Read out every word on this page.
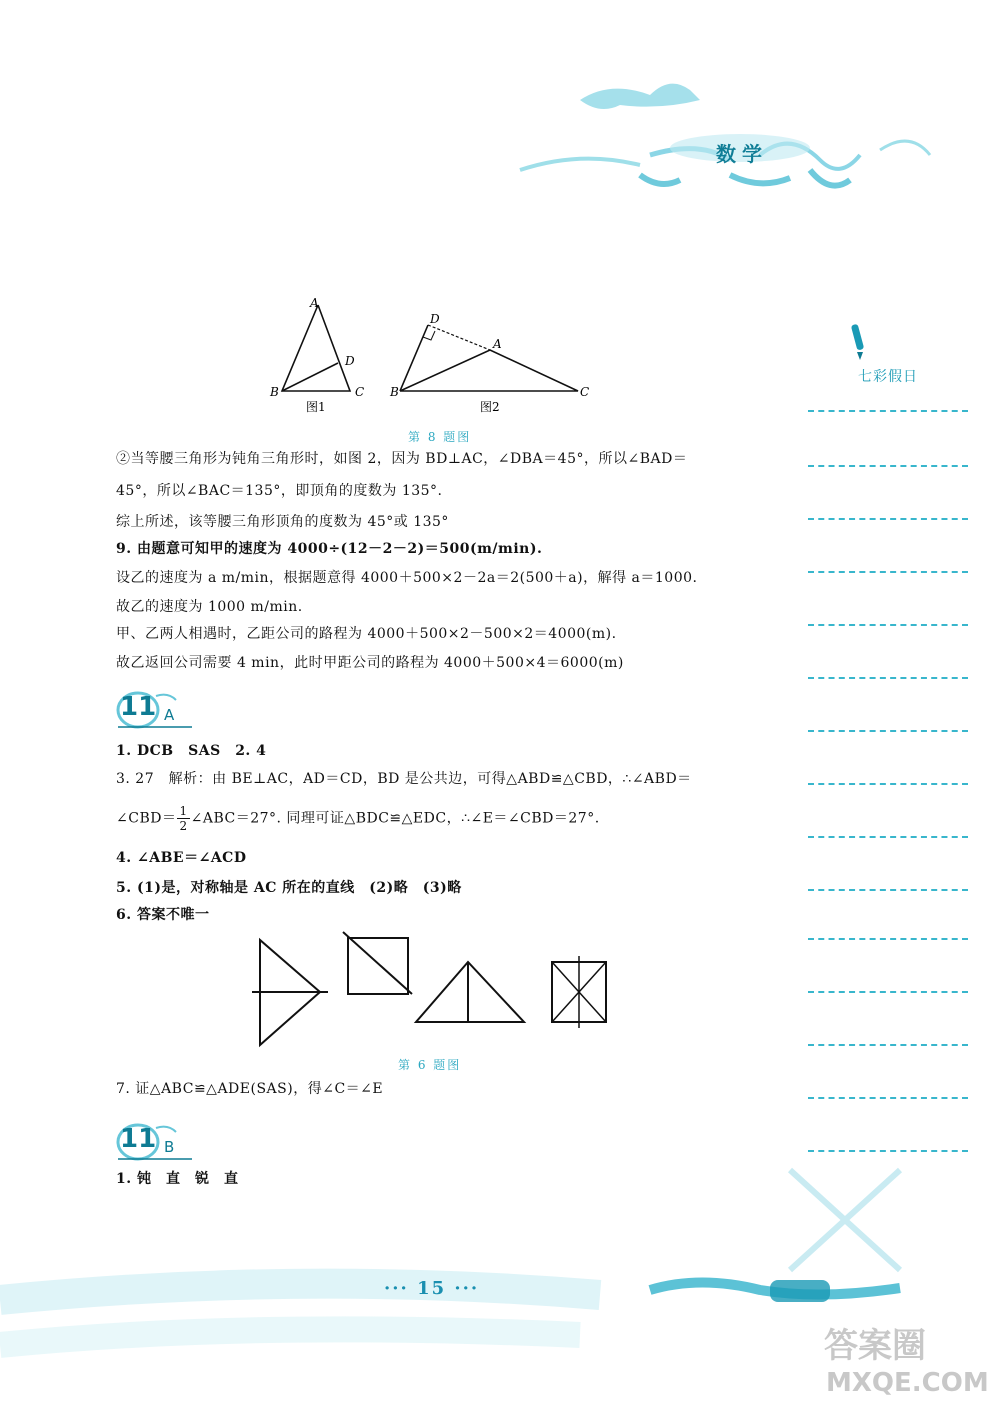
数学
七彩假日
A
B	C
D
图1
A
B	C
D
图2
第 8 题图
②当等腰三角形为钝角三角形时，如图 2，因为 BD⊥AC，∠DBA＝45°，所以∠BAD＝
45°，所以∠BAC＝135°，即顶角的度数为 135°.
综上所述，该等腰三角形顶角的度数为 45°或 135°
9. 由题意可知甲的速度为 4000÷(12－2－2)＝500(m/min).
设乙的速度为 a m/min，根据题意得 4000＋500×2－2a＝2(500＋a)，解得 a＝1000.
故乙的速度为 1000 m/min.
甲、乙两人相遇时，乙距公司的路程为 4000＋500×2－500×2＝4000(m).
故乙返回公司需要 4 min，此时甲距公司的路程为 4000＋500×4＝6000(m)
11 A
1. DCB　SAS　2. 4
3. 27　解析：由 BE⊥AC，AD＝CD，BD 是公共边，可得△ABD≌△CBD，∴∠ABD＝
∠CBD＝ $\frac{1}{2}$ ∠ABC＝27°. 同理可证△BDC≌△EDC，∴∠E＝∠CBD＝27°.
4. ∠ABE＝∠ACD
5. (1)是，对称轴是 AC 所在的直线　(2)略　(3)略
6. 答案不唯一
第 6 题图
7. 证△ABC≌△ADE(SAS)，得∠C＝∠E
11 B
1. 钝　直　锐　直
··· 15 ···
答案圈
MXQE.COM
